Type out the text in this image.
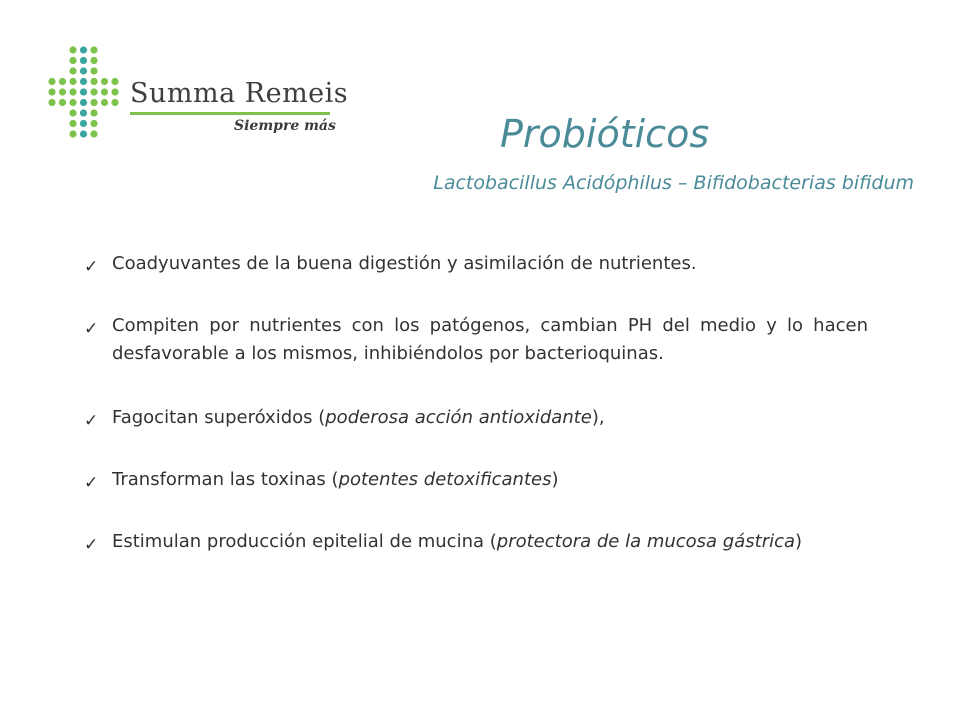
Summa Remeis
Siempre más	Probióticos
Lactobacillus Acidóphilus – Bifidobacterias bifidum
✓ Coadyuvantes de la buena digestión y asimilación de nutrientes.
✓ Compiten por nutrientes con los patógenos, cambian PH del medio y lo hacen desfavorable a los mismos, inhibiéndolos por bacterioquinas.
✓ Fagocitan superóxidos (poderosa acción antioxidante),
✓ Transforman las toxinas (potentes detoxificantes)
✓ Estimulan producción epitelial de mucina (protectora de la mucosa gástrica)
